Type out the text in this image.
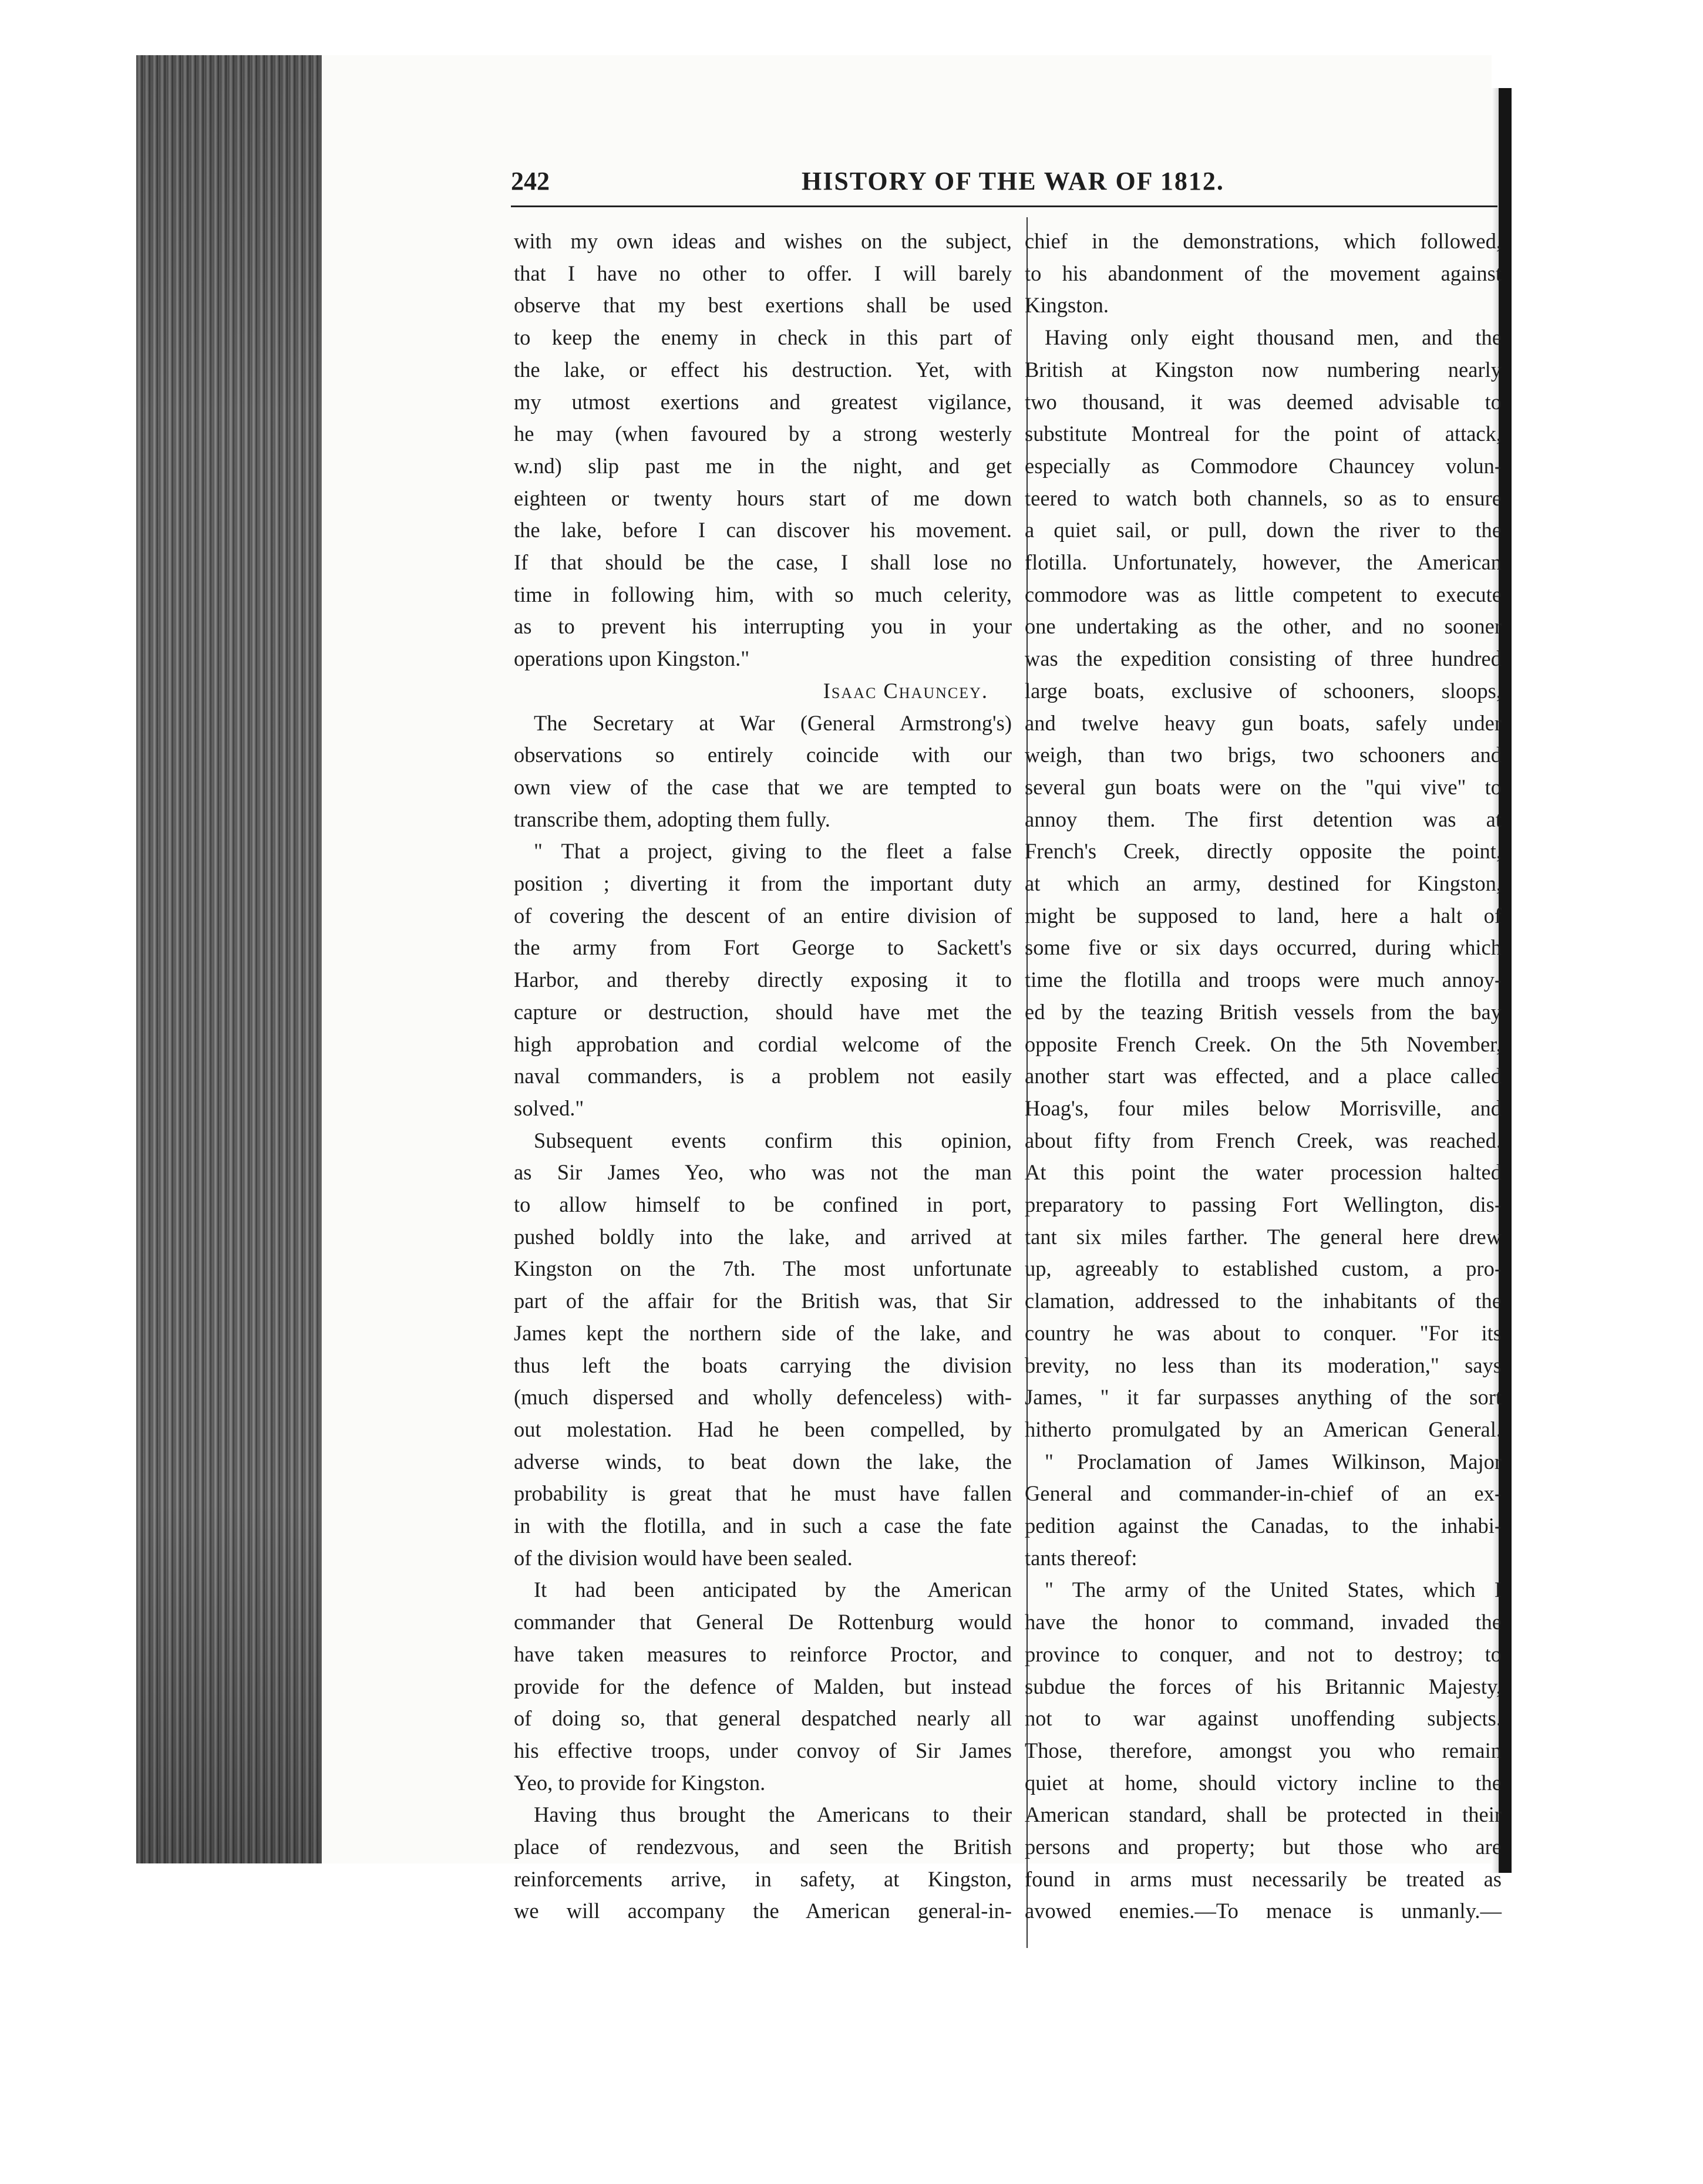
242	HISTORY OF THE WAR OF 1812.
with my own ideas and wishes on the subject,
that I have no other to offer. I will barely
observe that my best exertions shall be used
to keep the enemy in check in this part of
the lake, or effect his destruction. Yet, with
my utmost exertions and greatest vigilance,
he may (when favoured by a strong westerly
w.nd) slip past me in the night, and get
eighteen or twenty hours start of me down
the lake, before I can discover his movement.
If that should be the case, I shall lose no
time in following him, with so much celerity,
as to prevent his interrupting you in your
operations upon Kingston."
Isaac Chauncey.
The Secretary at War (General Armstrong's)
observations so entirely coincide with our
own view of the case that we are tempted to
transcribe them, adopting them fully.
" That a project, giving to the fleet a false
position ; diverting it from the important duty
of covering the descent of an entire division of
the army from Fort George to Sackett's
Harbor, and thereby directly exposing it to
capture or destruction, should have met the
high approbation and cordial welcome of the
naval commanders, is a problem not easily
solved."
Subsequent events confirm this opinion,
as Sir James Yeo, who was not the man
to allow himself to be confined in port,
pushed boldly into the lake, and arrived at
Kingston on the 7th. The most unfortunate
part of the affair for the British was, that Sir
James kept the northern side of the lake, and
thus left the boats carrying the division
(much dispersed and wholly defenceless) with-
out molestation. Had he been compelled, by
adverse winds, to beat down the lake, the
probability is great that he must have fallen
in with the flotilla, and in such a case the fate
of the division would have been sealed.
It had been anticipated by the American
commander that General De Rottenburg would
have taken measures to reinforce Proctor, and
provide for the defence of Malden, but instead
of doing so, that general despatched nearly all
his effective troops, under convoy of Sir James
Yeo, to provide for Kingston.
Having thus brought the Americans to their
place of rendezvous, and seen the British
reinforcements arrive, in safety, at Kingston,
we will accompany the American general-in-
chief in the demonstrations, which followed,
to his abandonment of the movement against
Kingston.
Having only eight thousand men, and the
British at Kingston now numbering nearly
two thousand, it was deemed advisable to
substitute Montreal for the point of attack,
especially as Commodore Chauncey volun-
teered to watch both channels, so as to ensure
a quiet sail, or pull, down the river to the
flotilla. Unfortunately, however, the American
commodore was as little competent to execute
one undertaking as the other, and no sooner
was the expedition consisting of three hundred
large boats, exclusive of schooners, sloops,
and twelve heavy gun boats, safely under
weigh, than two brigs, two schooners and
several gun boats were on the "qui vive" to
annoy them. The first detention was at
French's Creek, directly opposite the point,
at which an army, destined for Kingston,
might be supposed to land, here a halt of
some five or six days occurred, during which
time the flotilla and troops were much annoy-
ed by the teazing British vessels from the bay
opposite French Creek. On the 5th November,
another start was effected, and a place called
Hoag's, four miles below Morrisville, and
about fifty from French Creek, was reached.
At this point the water procession halted
preparatory to passing Fort Wellington, dis-
tant six miles farther. The general here drew
up, agreeably to established custom, a pro-
clamation, addressed to the inhabitants of the
country he was about to conquer. "For its
brevity, no less than its moderation," says
James, " it far surpasses anything of the sort
hitherto promulgated by an American General.
" Proclamation of James Wilkinson, Major
General and commander-in-chief of an ex-
pedition against the Canadas, to the inhabi-
tants thereof:
" The army of the United States, which I
have the honor to command, invaded the
province to conquer, and not to destroy; to
subdue the forces of his Britannic Majesty,
not to war against unoffending subjects.
Those, therefore, amongst you who remain
quiet at home, should victory incline to the
American standard, shall be protected in their
persons and property; but those who are
found in arms must necessarily be treated as
avowed enemies.—To menace is unmanly.—
